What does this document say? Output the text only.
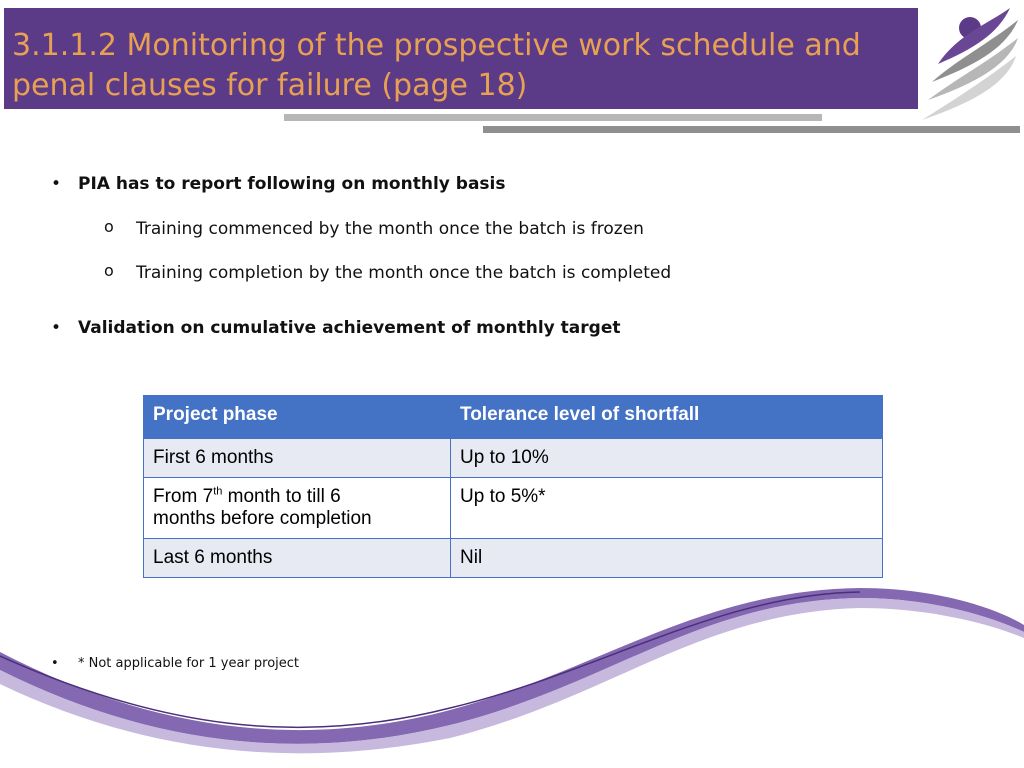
3.1.1.2 Monitoring of the prospective work schedule and
penal clauses for failure (page 18)
• PIA has to report following on monthly basis
o Training commenced by the month once the batch is frozen
o Training completion by the month once the batch is completed
• Validation on cumulative achievement of monthly target
Project phase	Tolerance level of shortfall
First 6 months	Up to 10%
From 7th month to till 6
months before completion	Up to 5%*
Last 6 months	Nil
• * Not applicable for 1 year project
